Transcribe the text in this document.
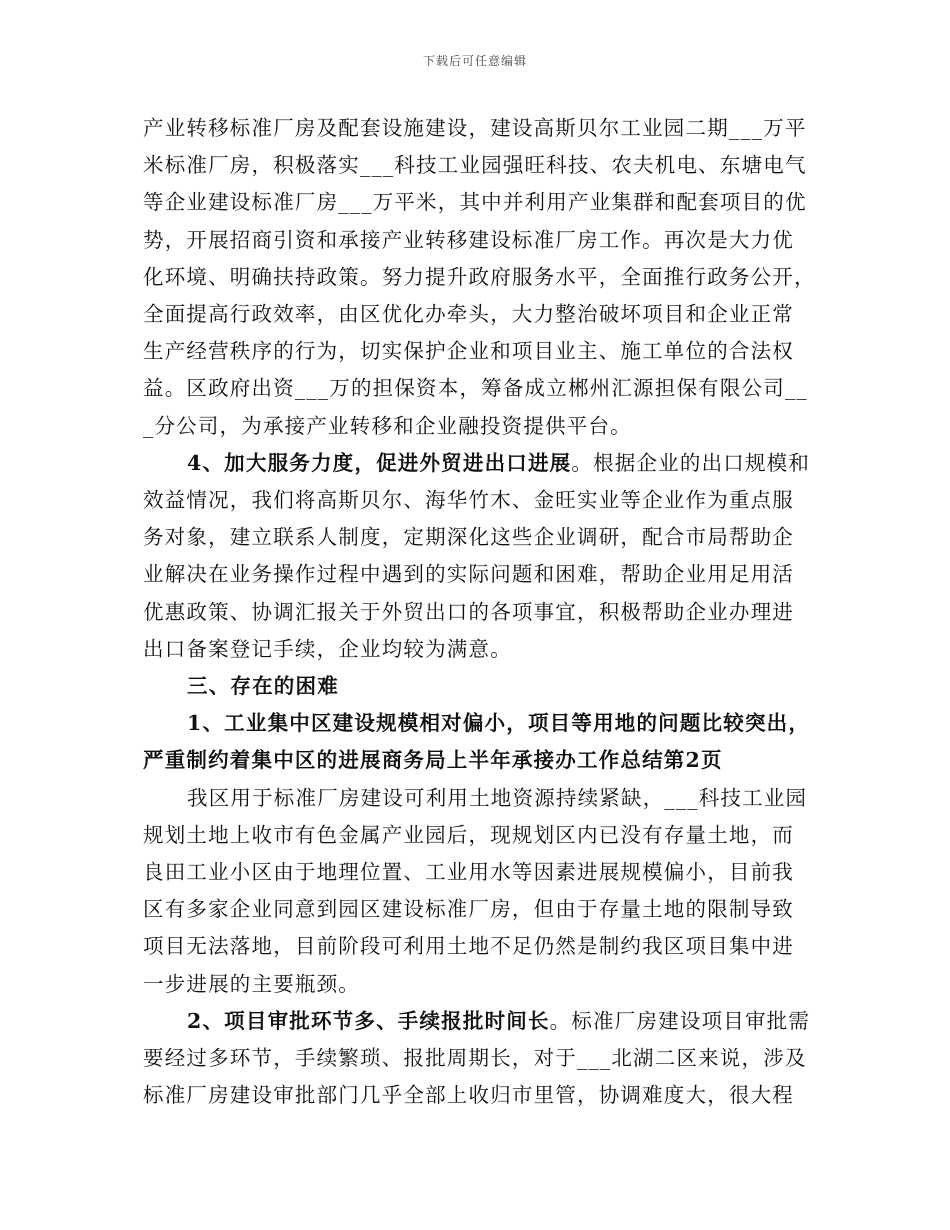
下载后可任意编辑
产业转移标准厂房及配套设施建设，建设高斯贝尔工业园二期___万平
米标准厂房，积极落实___科技工业园强旺科技、农夫机电、东塘电气
等企业建设标准厂房___万平米，其中并利用产业集群和配套项目的优
势，开展招商引资和承接产业转移建设标准厂房工作。再次是大力优
化环境、明确扶持政策。努力提升政府服务水平，全面推行政务公开，
全面提高行政效率，由区优化办牵头，大力整治破坏项目和企业正常
生产经营秩序的行为，切实保护企业和项目业主、施工单位的合法权
益。区政府出资___万的担保资本，筹备成立郴州汇源担保有限公司__
_分公司，为承接产业转移和企业融投资提供平台。
4、加大服务力度，促进外贸进出口进展。根据企业的出口规模和
效益情况，我们将高斯贝尔、海华竹木、金旺实业等企业作为重点服
务对象，建立联系人制度，定期深化这些企业调研，配合市局帮助企
业解决在业务操作过程中遇到的实际问题和困难，帮助企业用足用活
优惠政策、协调汇报关于外贸出口的各项事宜，积极帮助企业办理进
出口备案登记手续，企业均较为满意。
三、存在的困难
1、工业集中区建设规模相对偏小，项目等用地的问题比较突出，
严重制约着集中区的进展商务局上半年承接办工作总结第2页
我区用于标准厂房建设可利用土地资源持续紧缺，___科技工业园
规划土地上收市有色金属产业园后，现规划区内已没有存量土地，而
良田工业小区由于地理位置、工业用水等因素进展规模偏小，目前我
区有多家企业同意到园区建设标准厂房，但由于存量土地的限制导致
项目无法落地，目前阶段可利用土地不足仍然是制约我区项目集中进
一步进展的主要瓶颈。
2、项目审批环节多、手续报批时间长。标准厂房建设项目审批需
要经过多环节，手续繁琐、报批周期长，对于___北湖二区来说，涉及
标准厂房建设审批部门几乎全部上收归市里管，协调难度大，很大程
